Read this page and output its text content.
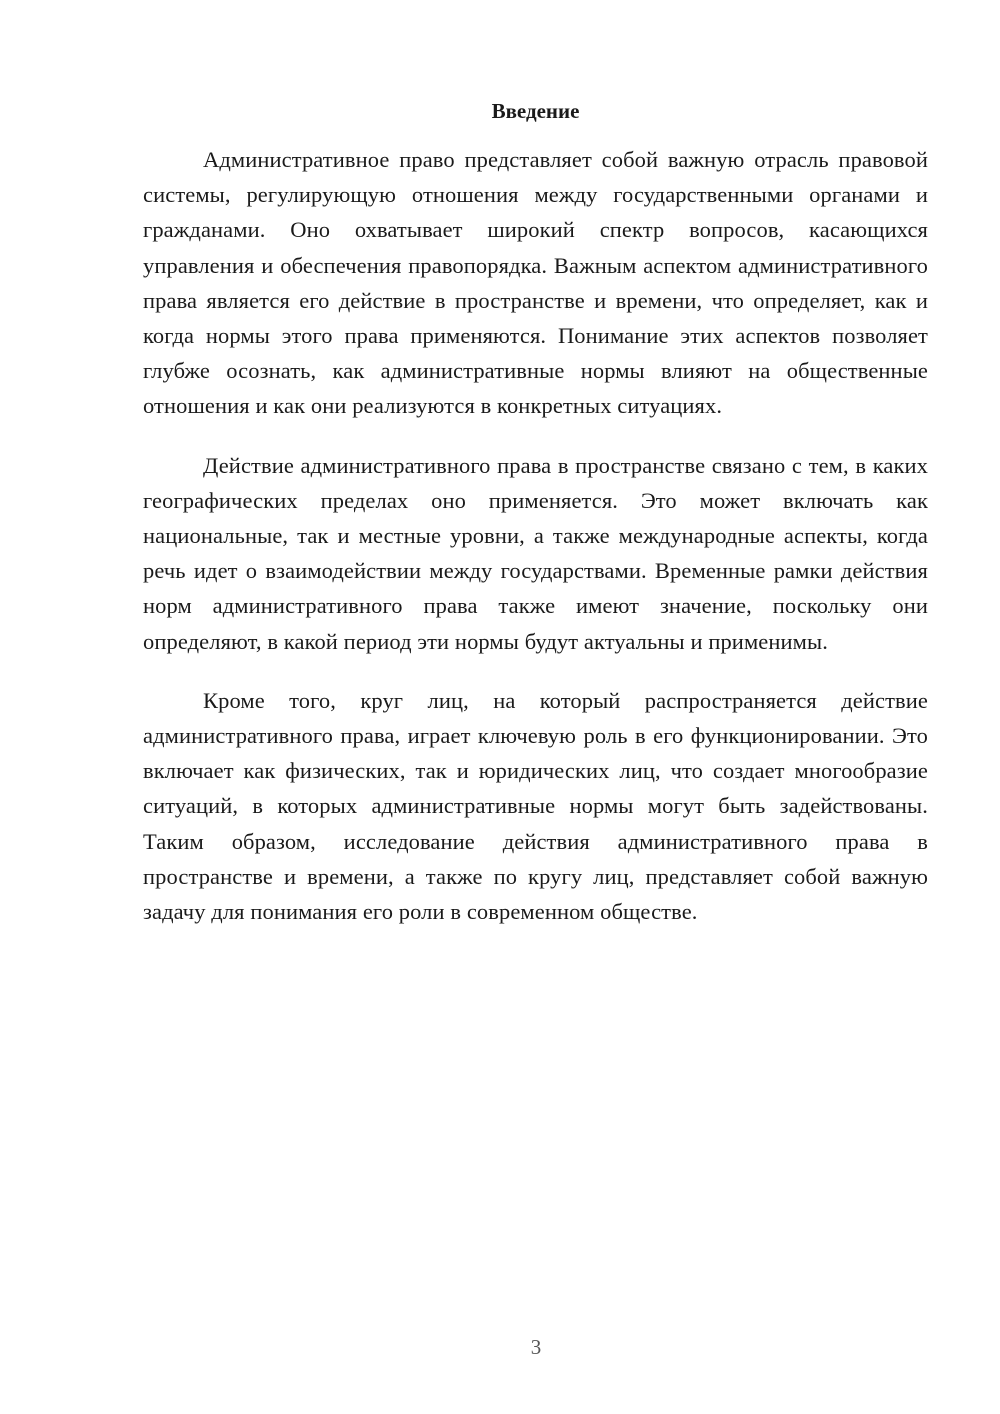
Введение

Административное право представляет собой важную отрасль правовой системы, регулирующую отношения между государственными органами и гражданами. Оно охватывает широкий спектр вопросов, касающихся управления и обеспечения правопорядка. Важным аспектом административного права является его действие в пространстве и времени, что определяет, как и когда нормы этого права применяются. Понимание этих аспектов позволяет глубже осознать, как административные нормы влияют на общественные отношения и как они реализуются в конкретных ситуациях.

Действие административного права в пространстве связано с тем, в каких географических пределах оно применяется. Это может включать как национальные, так и местные уровни, а также международные аспекты, когда речь идет о взаимодействии между государствами. Временные рамки действия норм административного права также имеют значение, поскольку они определяют, в какой период эти нормы будут актуальны и применимы.

Кроме того, круг лиц, на который распространяется действие административного права, играет ключевую роль в его функционировании. Это включает как физических, так и юридических лиц, что создает многообразие ситуаций, в которых административные нормы могут быть задействованы. Таким образом, исследование действия административного права в пространстве и времени, а также по кругу лиц, представляет собой важную задачу для понимания его роли в современном обществе.

3
